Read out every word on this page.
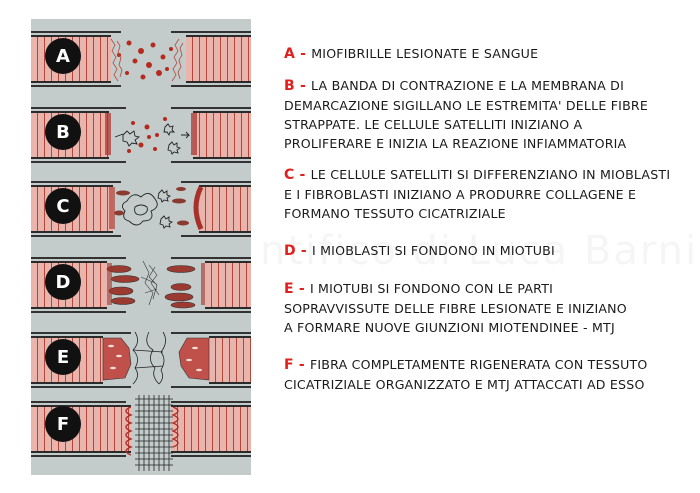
A
B
C
D
E
F
A - MIOFIBRILLE LESIONATE E SANGUE
B - LA BANDA DI CONTRAZIONE E LA MEMBRANA DI DEMARCAZIONE SIGILLANO LE ESTREMITA' DELLE FIBRE STRAPPATE. LE CELLULE SATELLITI INIZIANO A PROLIFERARE E INIZIA LA REAZIONE INFIAMMATORIA
C - LE CELLULE SATELLITI SI DIFFERENZIANO IN MIOBLASTI E I FIBROBLASTI INIZIANO A PRODURRE COLLAGENE E FORMANO TESSUTO CICATRIZIALE
D - I MIOBLASTI SI FONDONO IN MIOTUBI
E - I MIOTUBI SI FONDONO CON LE PARTI SOPRAVVISSUTE DELLE FIBRE LESIONATE E INIZIANO A FORMARE NUOVE GIUNZIONI MIOTENDINEE - MTJ
F - FIBRA COMPLETAMENTE RIGENERATA CON TESSUTO CICATRIZIALE ORGANIZZATO E MTJ ATTACCATI AD ESSO
